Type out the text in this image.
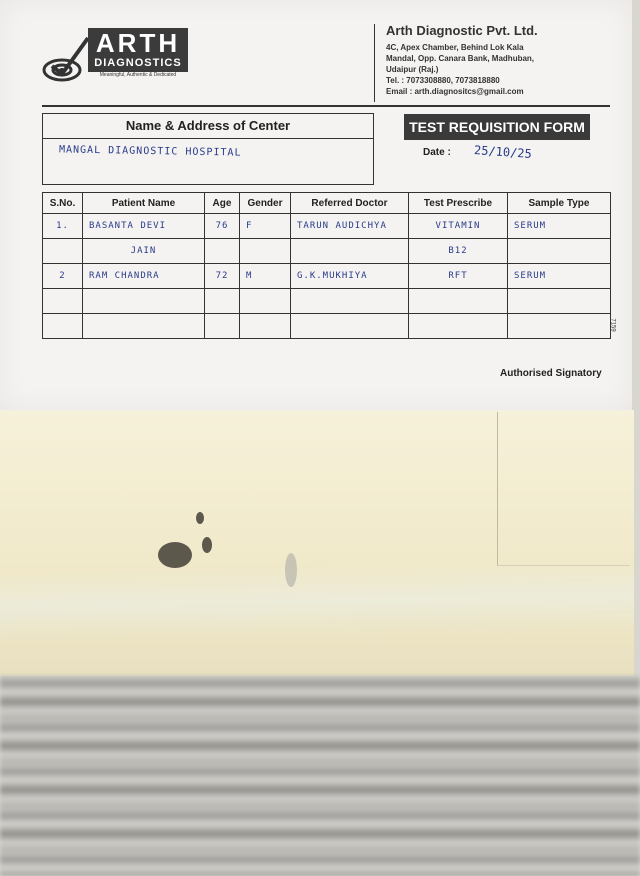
ARTH
DIAGNOSTICS
Meaningful, Authentic & Dedicated
Arth Diagnostic Pvt. Ltd.
4C, Apex Chamber, Behind Lok Kala
Mandal, Opp. Canara Bank, Madhuban,
Udaipur (Raj.)
Tel. : 7073308880, 7073818880
Email : arth.diagnositcs@gmail.com
Name & Address of Center
MANGAL DIAGNOSTIC HOSPITAL
TEST REQUISITION FORM
Date : 25/10/25
S.No.	Patient Name	Age	Gender	Referred Doctor	Test Prescribe	Sample Type
1.	BASANTA DEVI	76	F	TARUN AUDICHYA	VITAMIN	SERUM
	JAIN				B12	
2	RAM CHANDRA	72	M	G.K.MUKHIYA	RFT	SERUM

7159
Authorised Signatory
